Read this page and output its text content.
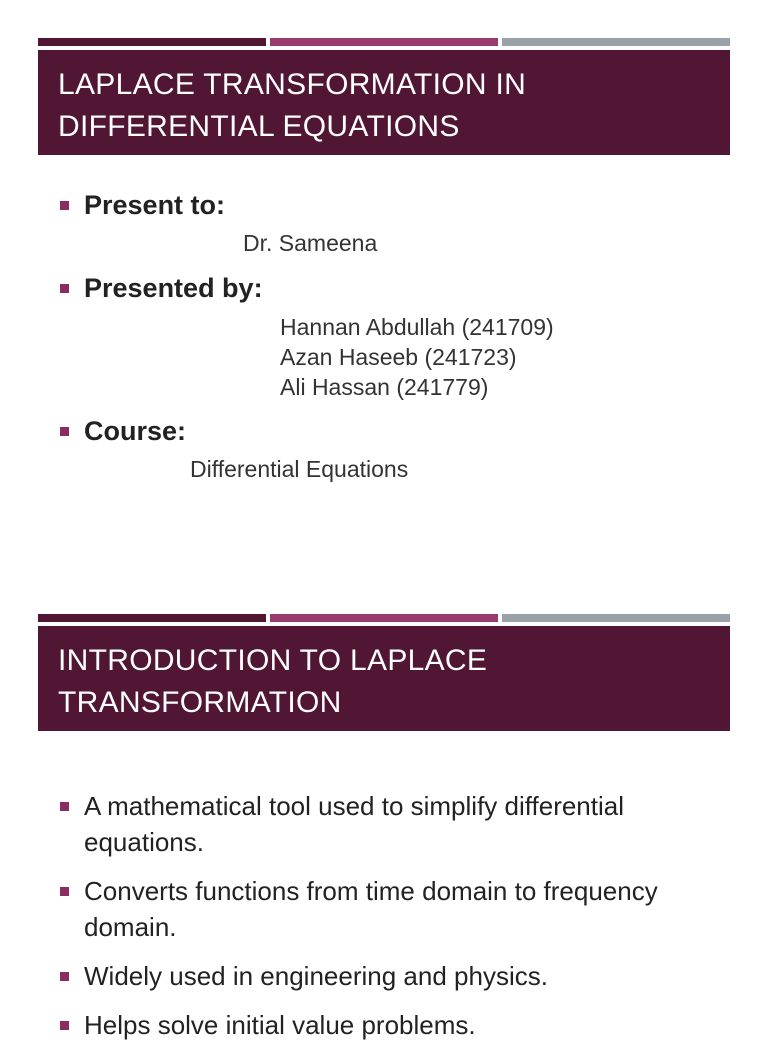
LAPLACE TRANSFORMATION IN
DIFFERENTIAL EQUATIONS
Present to:
Dr. Sameena
Presented by:
Hannan Abdullah (241709)
Azan Haseeb (241723)
Ali Hassan (241779)
Course:
Differential Equations
INTRODUCTION TO LAPLACE
TRANSFORMATION
A mathematical tool used to simplify differential equations.
Converts functions from time domain to frequency domain.
Widely used in engineering and physics.
Helps solve initial value problems.
